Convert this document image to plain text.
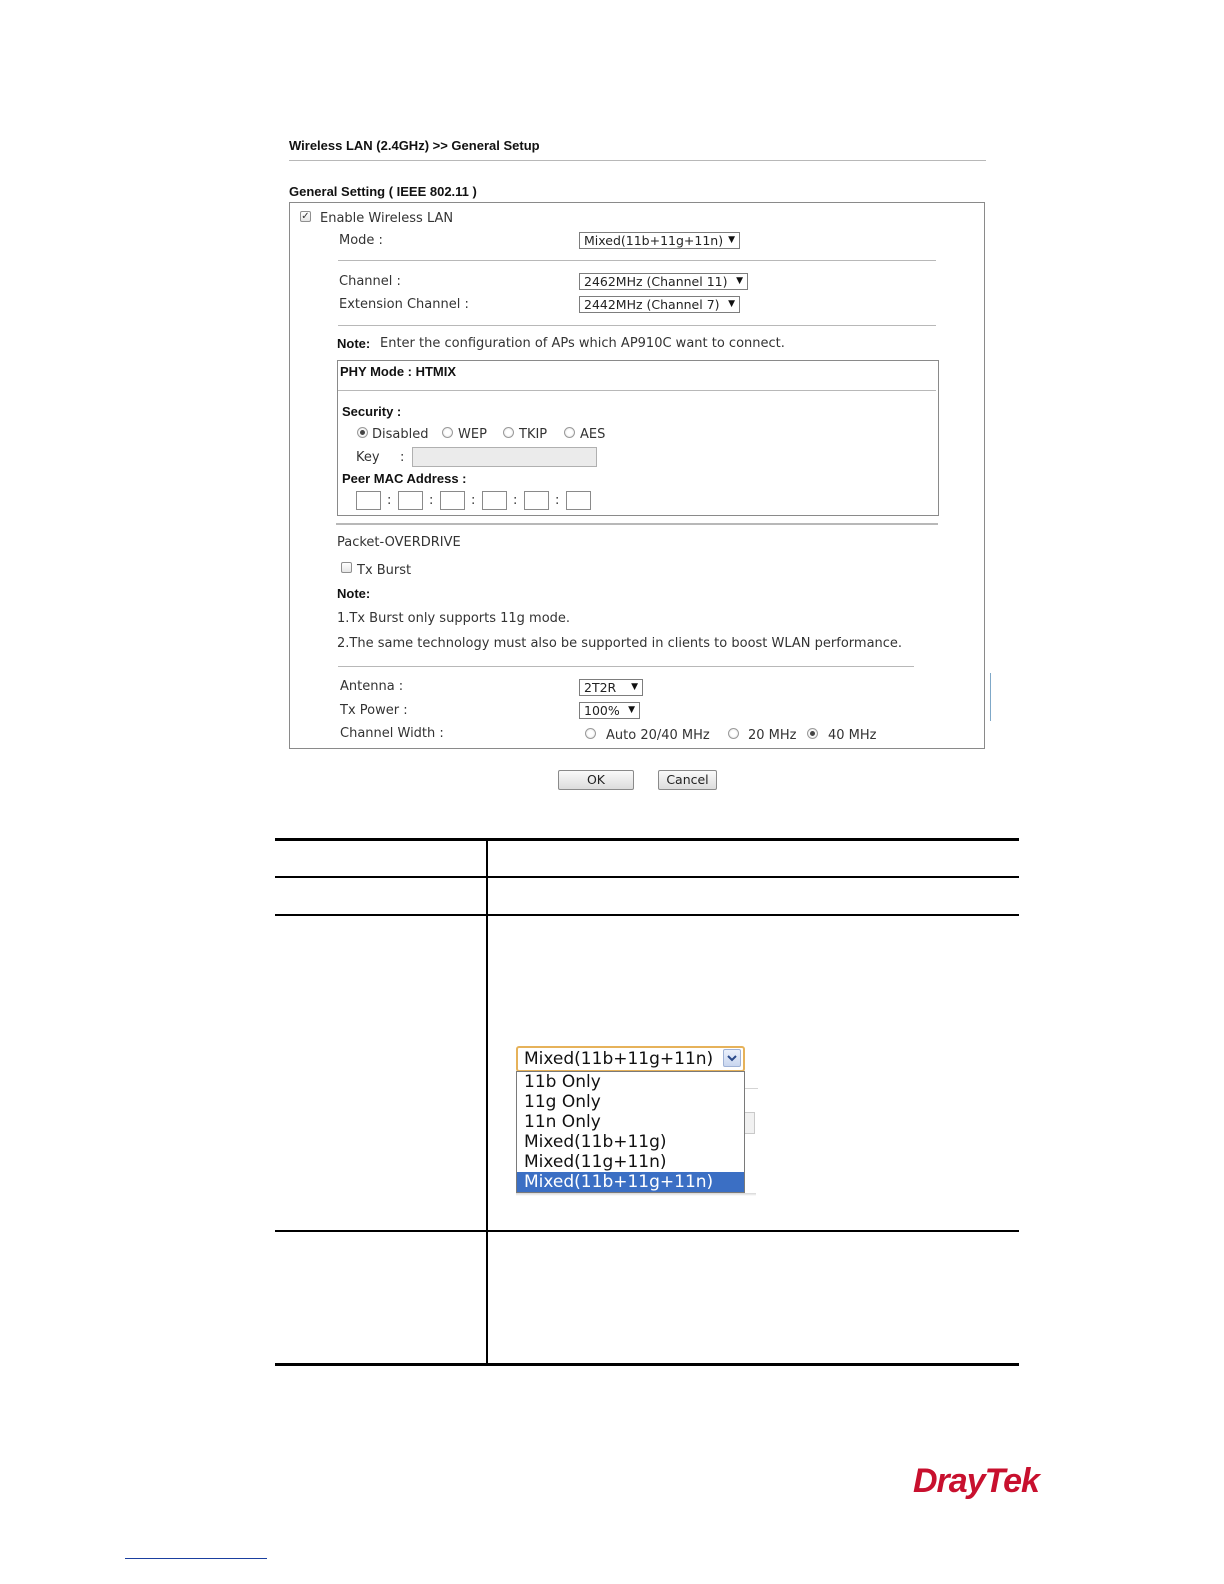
Wireless LAN (2.4GHz) >> General Setup
General Setting ( IEEE 802.11 )
✓ Enable Wireless LAN
Mode :	Mixed(11b+11g+11n) ▼
Channel :	2462MHz (Channel 11) ▼
Extension Channel :	2442MHz (Channel 7) ▼
Note: Enter the configuration of APs which AP910C want to connect.
PHY Mode : HTMIX
Security :
Disabled WEP TKIP	AES
Key :
Peer MAC Address :
:	:	:	:	:
Packet-OVERDRIVE
Tx Burst
Note:
1.Tx Burst only supports 11g mode.
2.The same technology must also be supported in clients to boost WLAN performance.
Antenna :	2T2R ▼
Tx Power :	100% ▼
Channel Width :	Auto 20/40 MHz	20 MHz 40 MHz
OK	Cancel
Mixed(11b+11g+11n)
11b Only
11g Only
11n Only
Mixed(11b+11g)
Mixed(11g+11n)
Mixed(11b+11g+11n)
DrayTek
